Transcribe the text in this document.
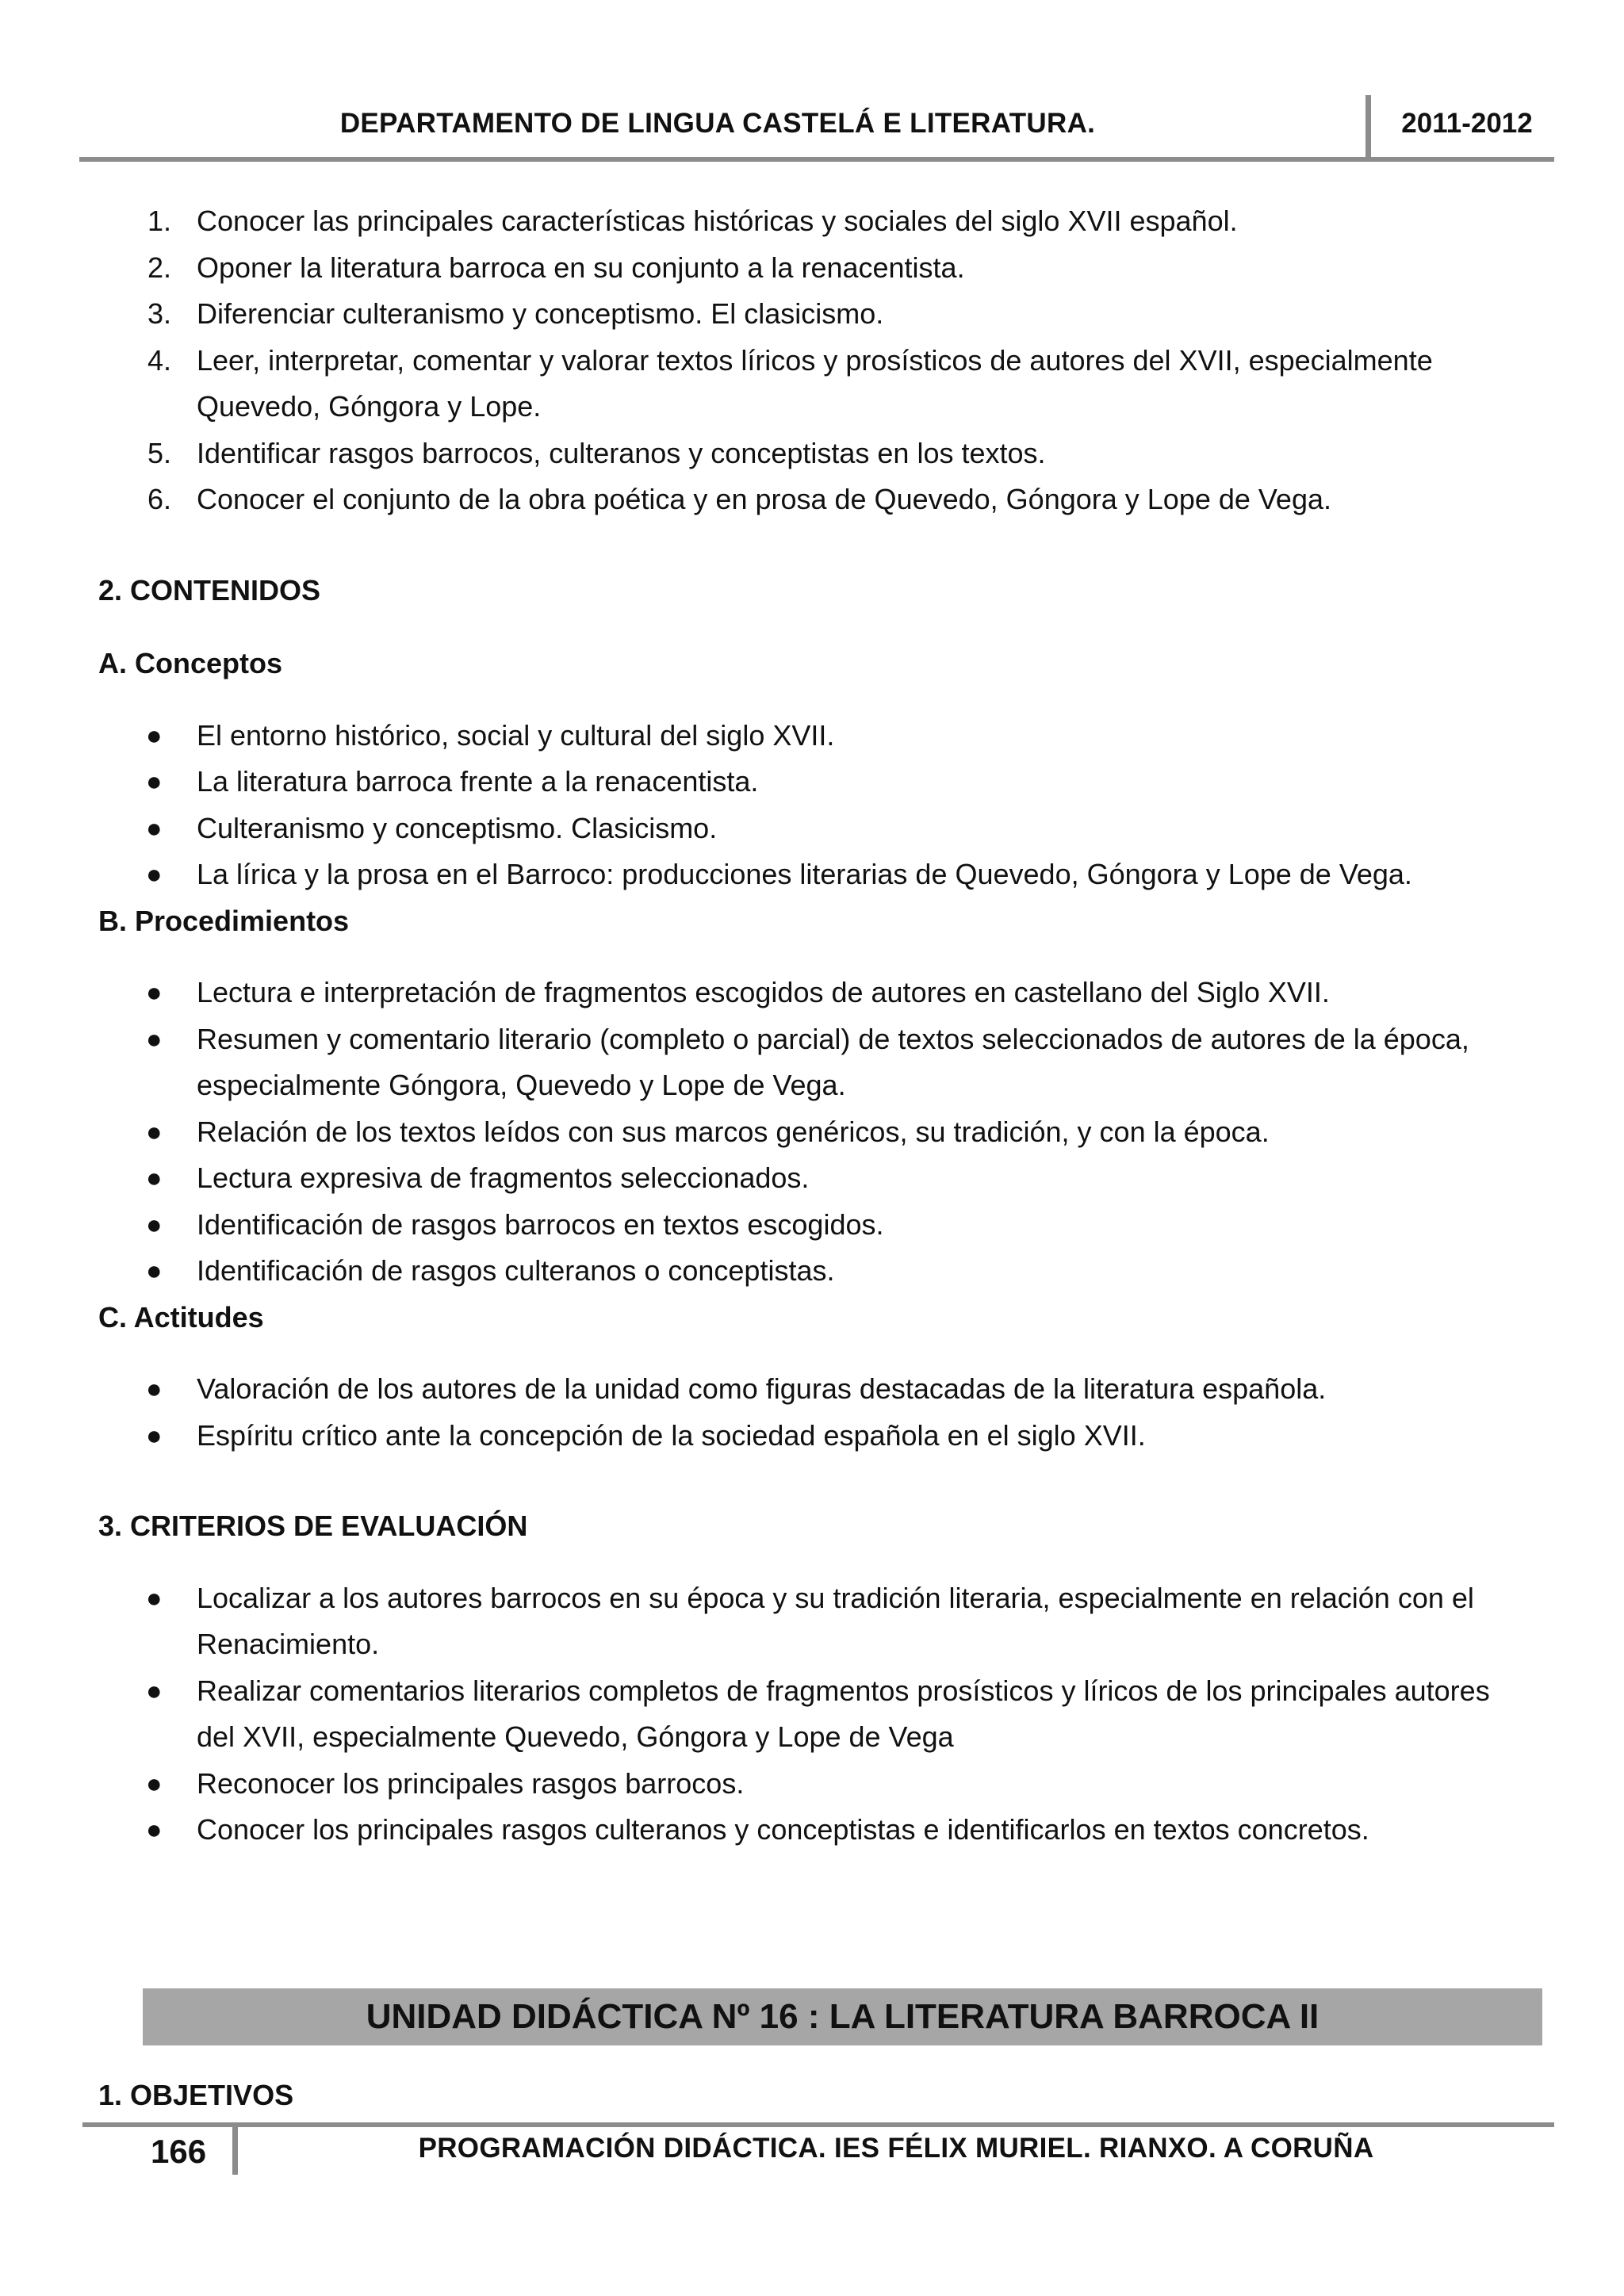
DEPARTAMENTO DE LINGUA CASTELÁ E LITERATURA.	2011-2012
1. Conocer las principales características históricas y sociales del siglo XVII español.
2. Oponer la literatura barroca en su conjunto a la renacentista.
3. Diferenciar culteranismo y conceptismo. El clasicismo.
4. Leer, interpretar, comentar y valorar textos líricos y prosísticos de autores del XVII, especialmente Quevedo, Góngora y Lope.
5. Identificar rasgos barrocos, culteranos y conceptistas en los textos.
6. Conocer el conjunto de la obra poética y en prosa de Quevedo, Góngora y Lope de Vega.
2. CONTENIDOS
A. Conceptos
● El entorno histórico, social y cultural del siglo XVII.
● La literatura barroca frente a la renacentista.
● Culteranismo y conceptismo. Clasicismo.
● La lírica y la prosa en el Barroco: producciones literarias de Quevedo, Góngora y Lope de Vega.
B. Procedimientos
● Lectura e interpretación de fragmentos escogidos de autores en castellano del Siglo XVII.
● Resumen y comentario literario (completo o parcial) de textos seleccionados de autores de la época, especialmente Góngora, Quevedo y Lope de Vega.
● Relación de los textos leídos con sus marcos genéricos, su tradición, y con la época.
● Lectura expresiva de fragmentos seleccionados.
● Identificación de rasgos barrocos en textos escogidos.
● Identificación de rasgos culteranos o conceptistas.
C. Actitudes
● Valoración de los autores de la unidad como figuras destacadas de la literatura española.
● Espíritu crítico ante la concepción de la sociedad española en el siglo XVII.
3. CRITERIOS DE EVALUACIÓN
● Localizar a los autores barrocos en su época y su tradición literaria, especialmente en relación con el Renacimiento.
● Realizar comentarios literarios completos de fragmentos prosísticos y líricos de los principales autores del XVII, especialmente Quevedo, Góngora y Lope de Vega
● Reconocer los principales rasgos barrocos.
● Conocer los principales rasgos culteranos y conceptistas e identificarlos en textos concretos.
UNIDAD DIDÁCTICA Nº 16 : LA LITERATURA BARROCA II
1. OBJETIVOS
166	PROGRAMACIÓN DIDÁCTICA. IES FÉLIX MURIEL. RIANXO. A CORUÑA
